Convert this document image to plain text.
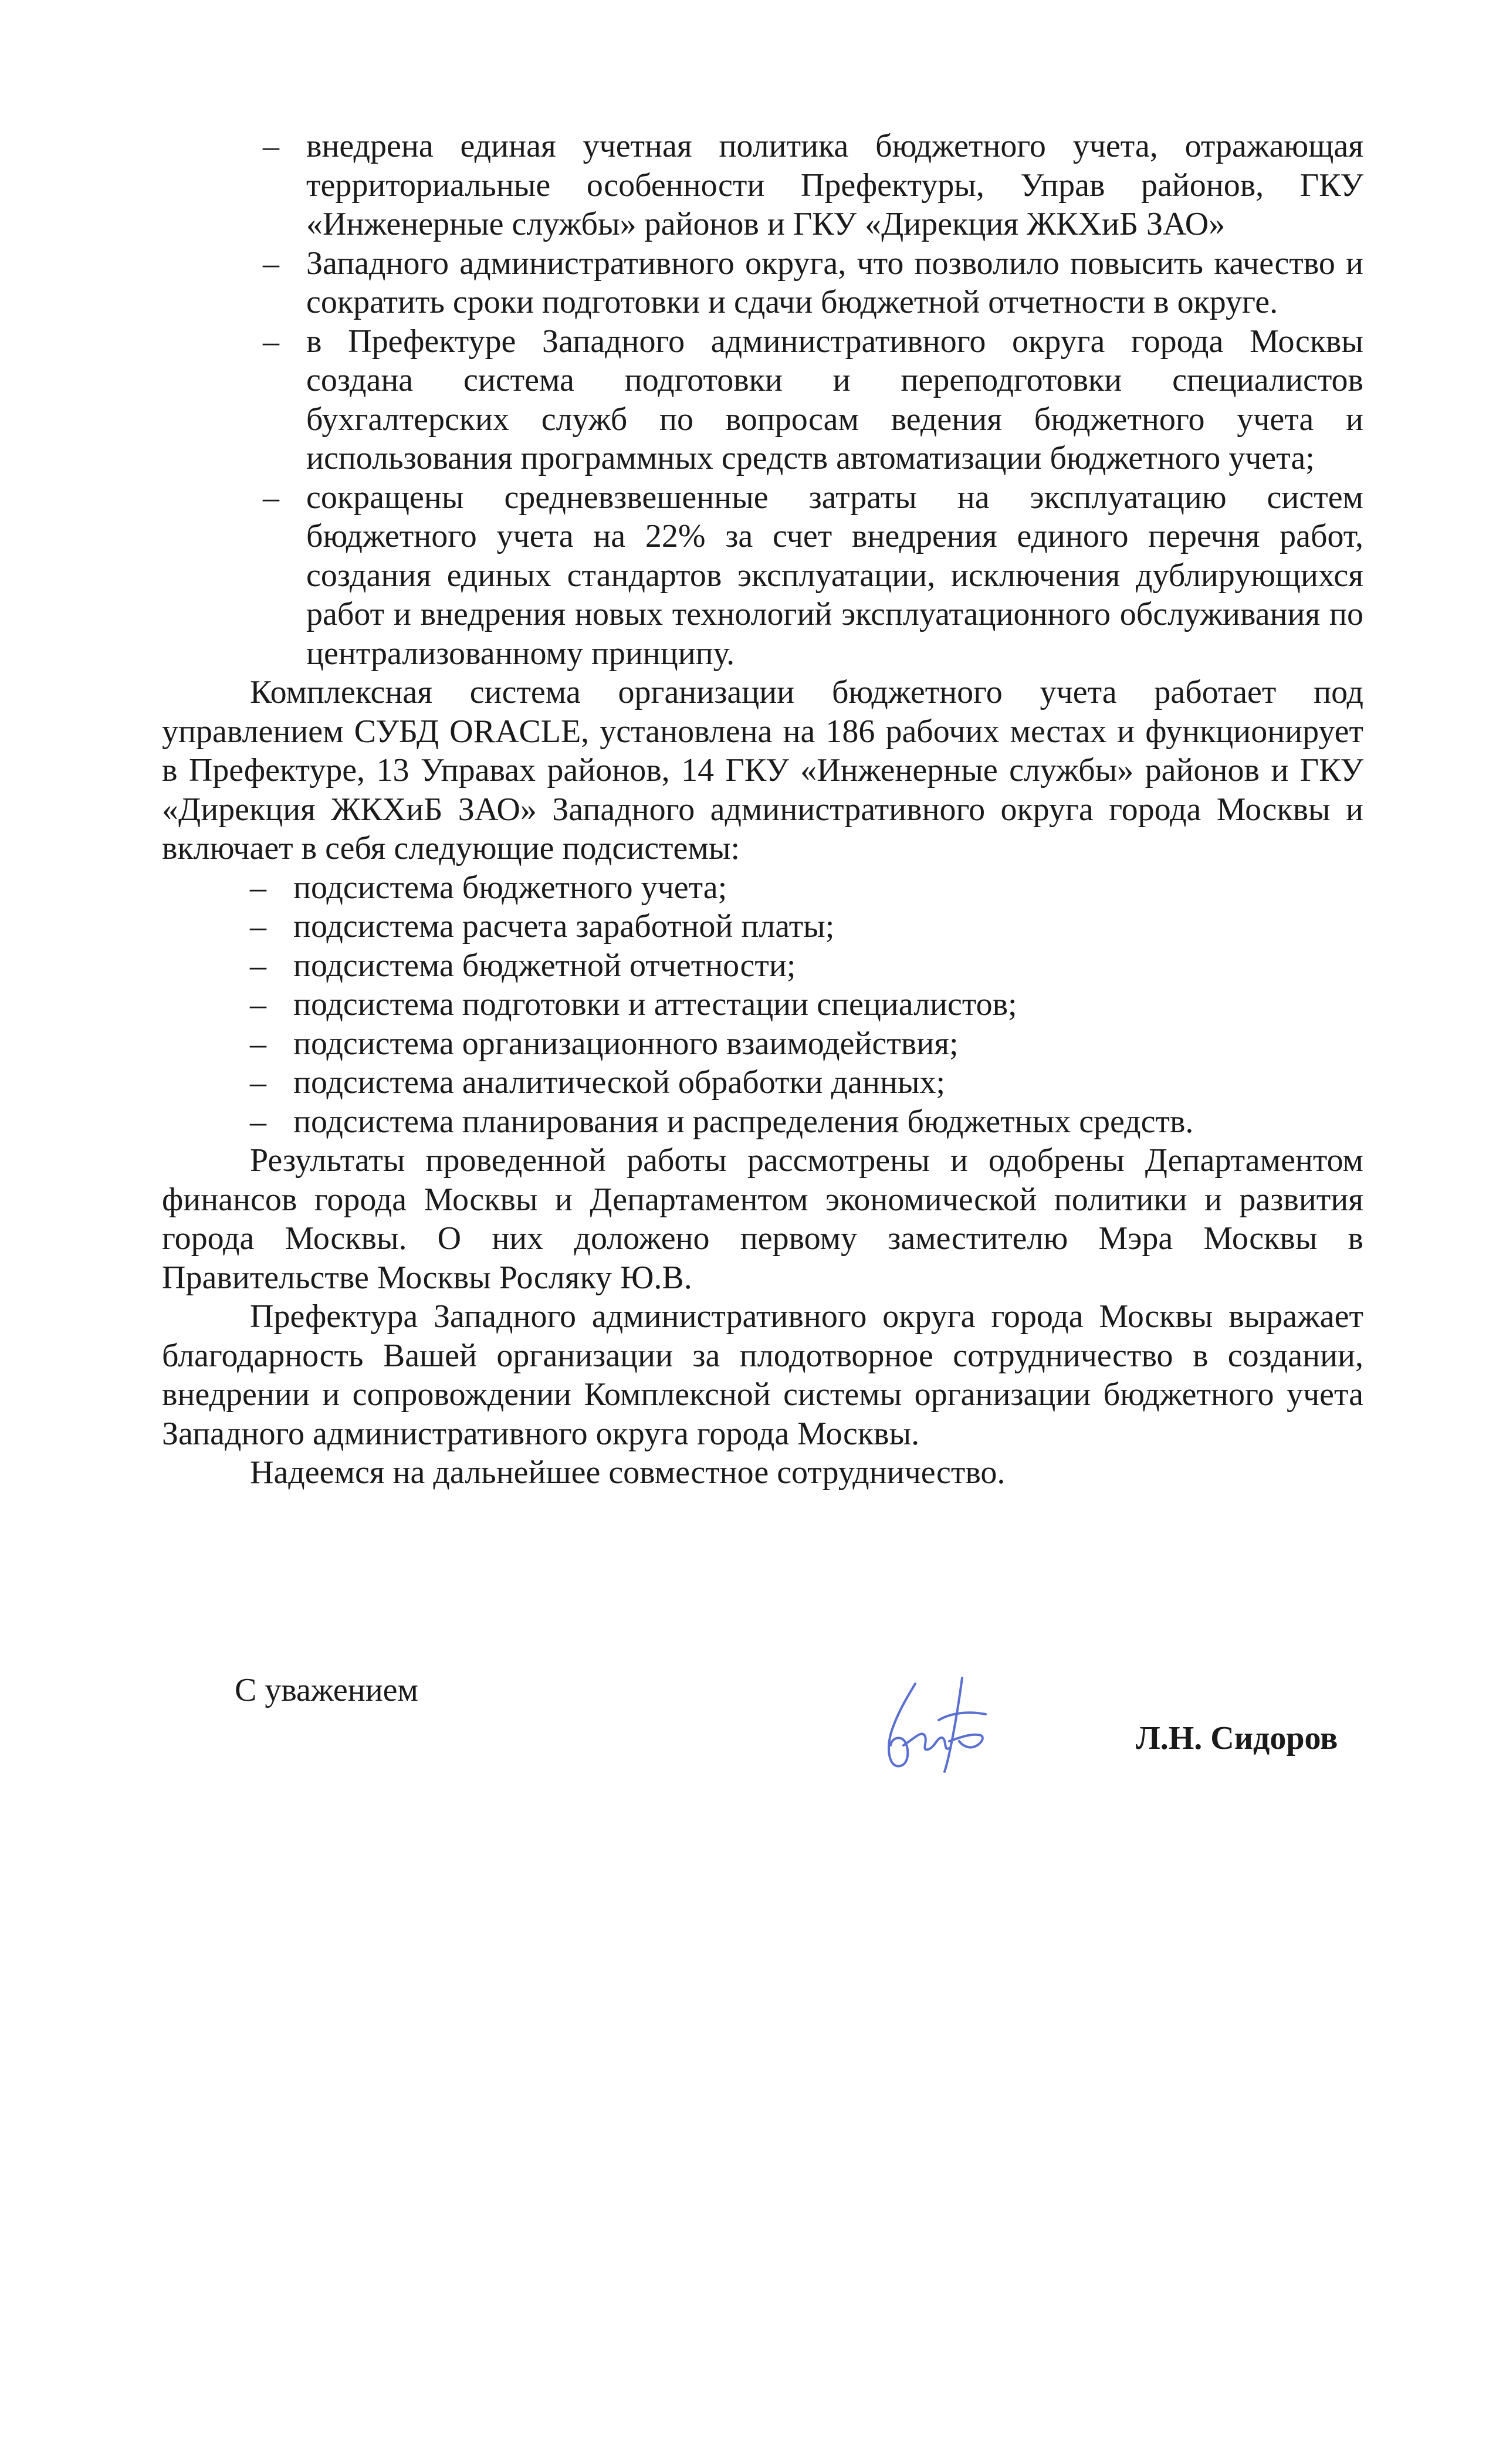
– внедрена единая учетная политика бюджетного учета, отражающая территориальные особенности Префектуры, Управ районов, ГКУ «Инженерные службы» районов и ГКУ «Дирекция ЖКХиБ ЗАО»
– Западного административного округа, что позволило повысить качество и сократить сроки подготовки и сдачи бюджетной отчетности в округе.
– в Префектуре Западного административного округа города Москвы создана система подготовки и переподготовки специалистов бухгалтерских служб по вопросам ведения бюджетного учета и использования программных средств автоматизации бюджетного учета;
– сокращены средневзвешенные затраты на эксплуатацию систем бюджетного учета на 22% за счет внедрения единого перечня работ, создания единых стандартов эксплуатации, исключения дублирующихся работ и внедрения новых технологий эксплуатационного обслуживания по централизованному принципу.

Комплексная система организации бюджетного учета работает под управлением СУБД ORACLE, установлена на 186 рабочих местах и функционирует в Префектуре, 13 Управах районов, 14 ГКУ «Инженерные службы» районов и ГКУ «Дирекция ЖКХиБ ЗАО» Западного административного округа города Москвы и включает в себя следующие подсистемы:

– подсистема бюджетного учета;
– подсистема расчета заработной платы;
– подсистема бюджетной отчетности;
– подсистема подготовки и аттестации специалистов;
– подсистема организационного взаимодействия;
– подсистема аналитической обработки данных;
– подсистема планирования и распределения бюджетных средств.

Результаты проведенной работы рассмотрены и одобрены Департаментом финансов города Москвы и Департаментом экономической политики и развития города Москвы. О них доложено первому заместителю Мэра Москвы в Правительстве Москвы Росляку Ю.В.

Префектура Западного административного округа города Москвы выражает благодарность Вашей организации за плодотворное сотрудничество в создании, внедрении и сопровождении Комплексной системы организации бюджетного учета Западного административного округа города Москвы.

Надеемся на дальнейшее совместное сотрудничество.

С уважением
Л.Н. Сидоров
